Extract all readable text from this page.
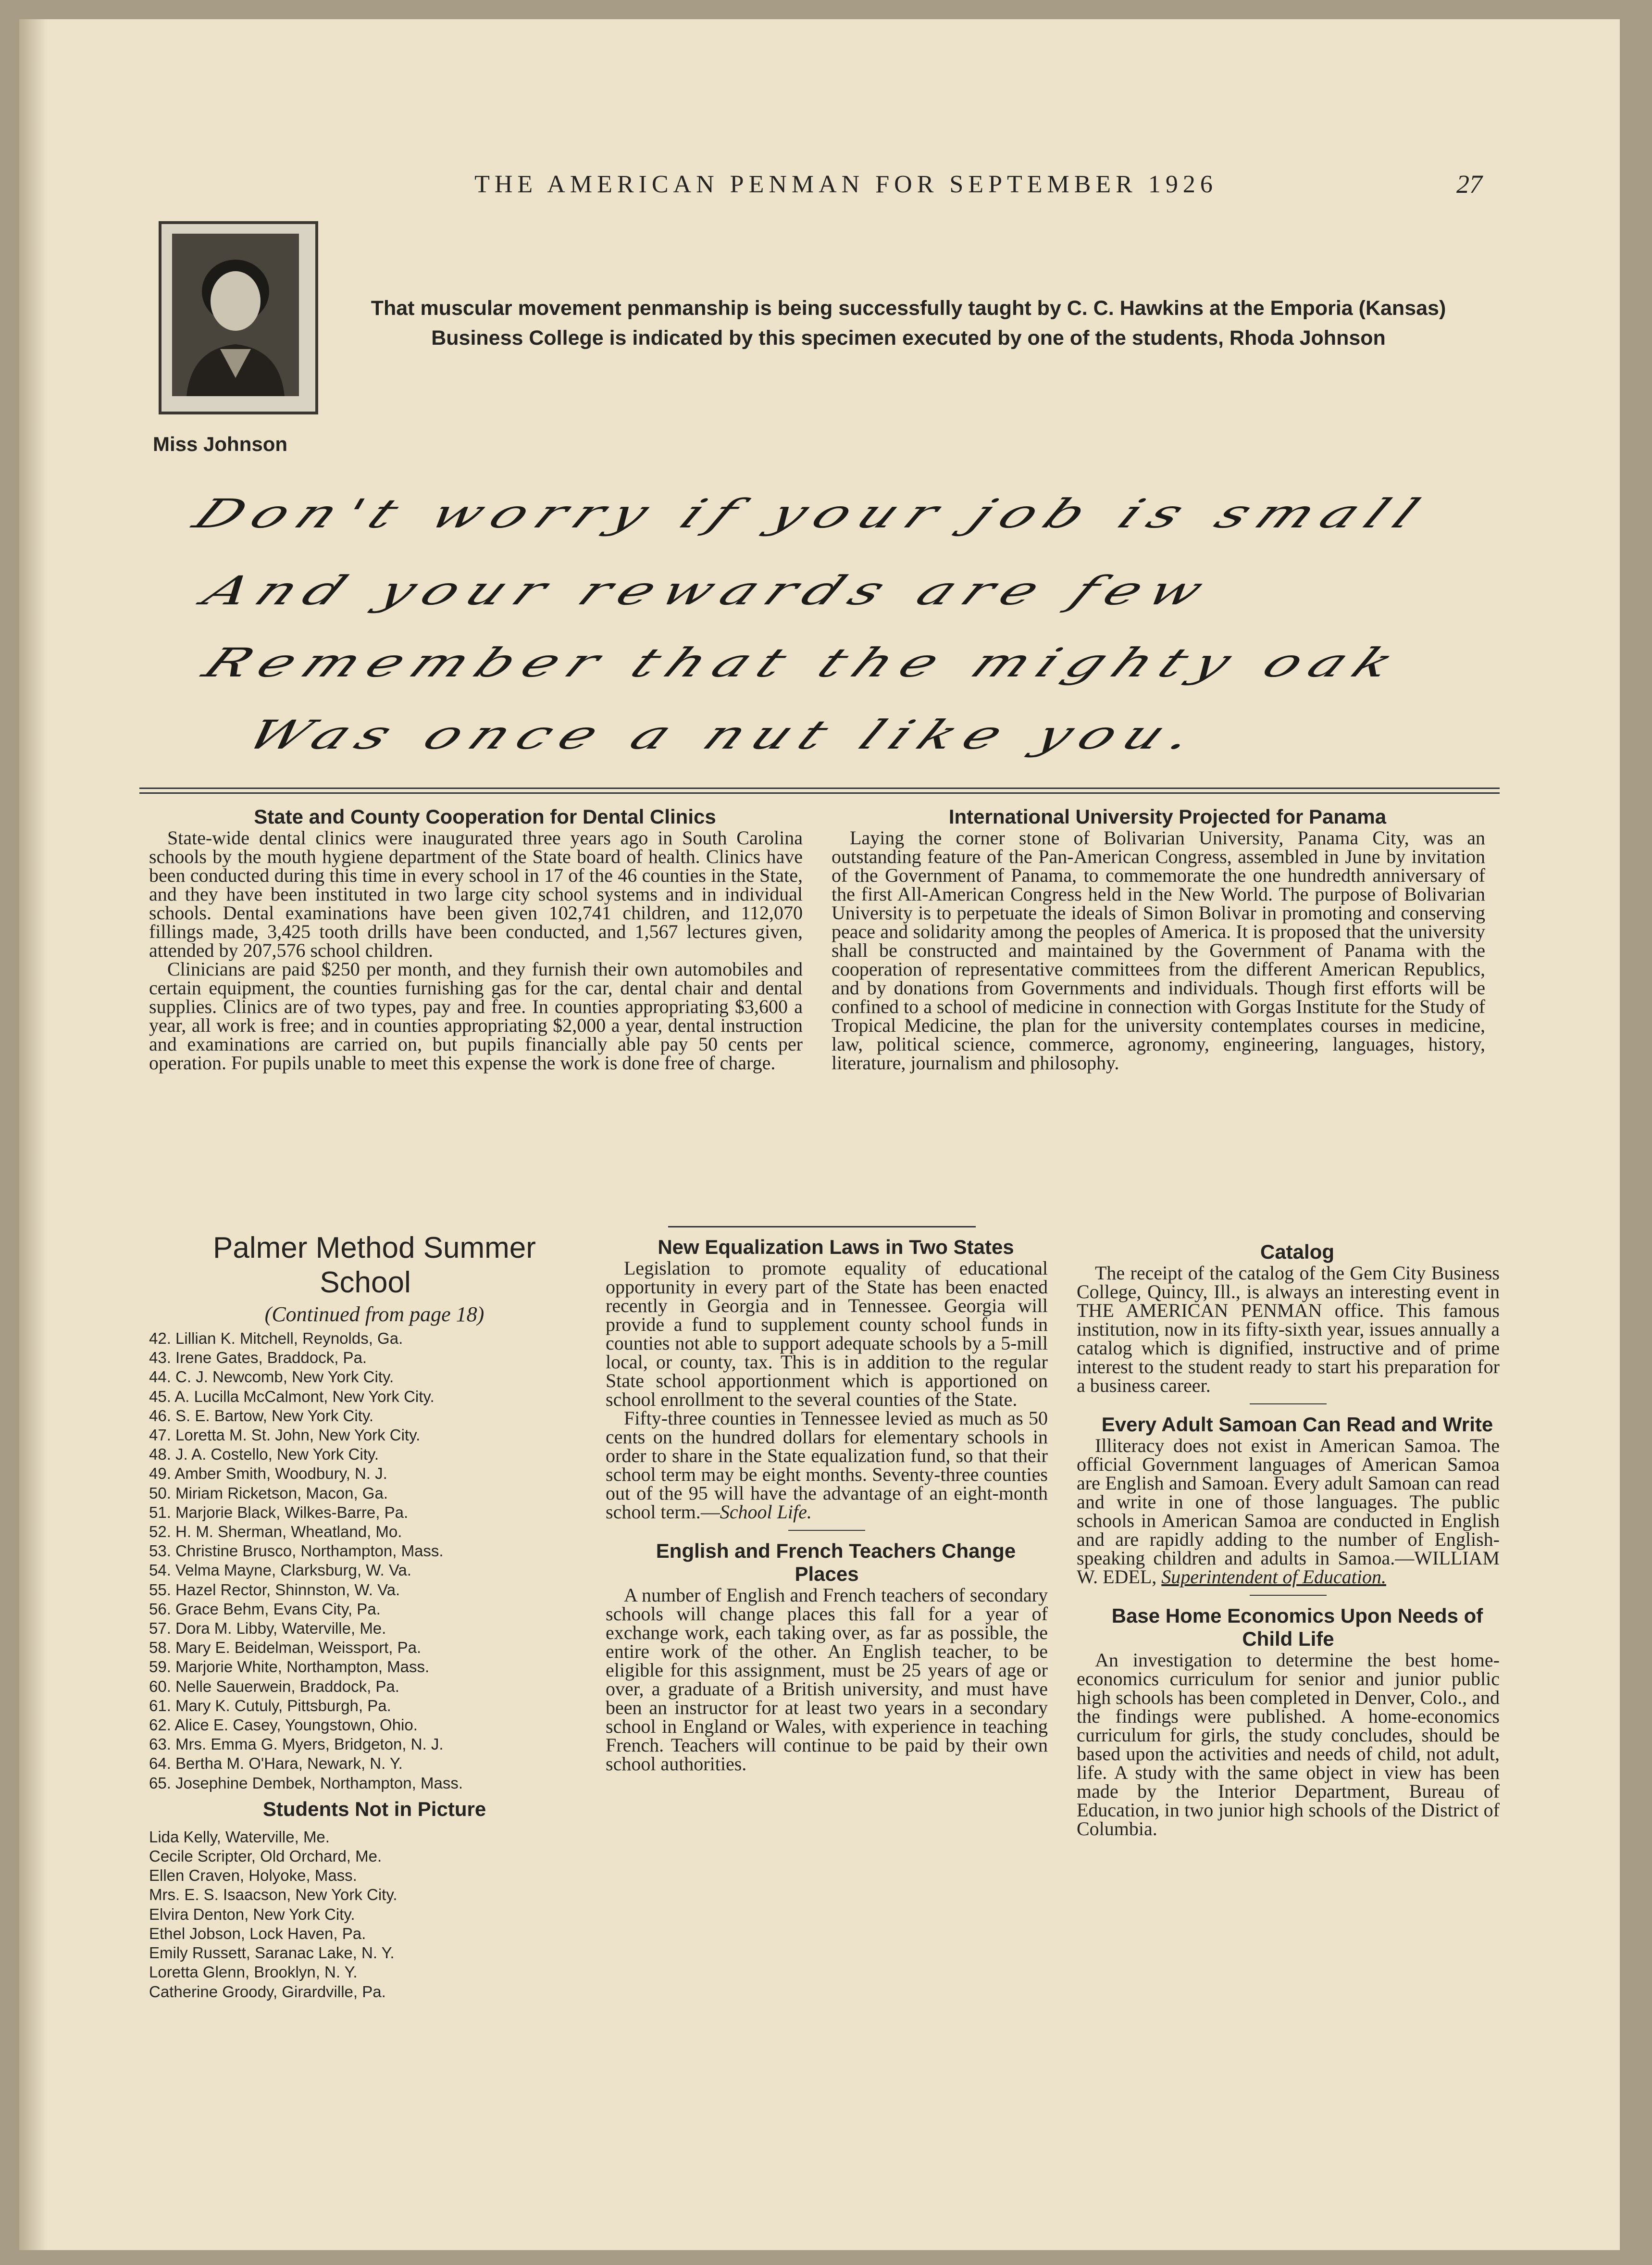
THE AMERICAN PENMAN FOR SEPTEMBER 1926	27
Miss Johnson
That muscular movement penmanship is being successfully taught by C. C. Hawkins at the Emporia (Kansas) Business College is indicated by this specimen executed by one of the students, Rhoda Johnson
Don't worry if your job is small
And your rewards are few
Remember that the mighty oak
Was once a nut like you.

State and County Cooperation for Dental Clinics

State-wide dental clinics were inaugurated three years ago in South Carolina schools by the mouth hygiene department of the State board of health. Clinics have been conducted during this time in every school in 17 of the 46 counties in the State, and they have been instituted in two large city school systems and in individual schools. Dental examinations have been given 102,741 children, and 112,070 fillings made, 3,425 tooth drills have been conducted, and 1,567 lectures given, attended by 207,576 school children.

Clinicians are paid $250 per month, and they furnish their own automobiles and certain equipment, the counties furnishing gas for the car, dental chair and dental supplies. Clinics are of two types, pay and free. In counties appropriating $3,600 a year, all work is free; and in counties appropriating $2,000 a year, dental instruction and examinations are carried on, but pupils financially able pay 50 cents per operation. For pupils unable to meet this expense the work is done free of charge.

International University Projected for Panama

Laying the corner stone of Bolivarian University, Panama City, was an outstanding feature of the Pan-American Congress, assembled in June by invitation of the Government of Panama, to commemorate the one hundredth anniversary of the first All-American Congress held in the New World. The purpose of Bolivarian University is to perpetuate the ideals of Simon Bolivar in promoting and conserving peace and solidarity among the peoples of America. It is proposed that the university shall be constructed and maintained by the Government of Panama with the cooperation of representative committees from the different American Republics, and by donations from Governments and individuals. Though first efforts will be confined to a school of medicine in connection with Gorgas Institute for the Study of Tropical Medicine, the plan for the university contemplates courses in medicine, law, political science, commerce, agronomy, engineering, languages, history, literature, journalism and philosophy.

Palmer Method Summer School

(Continued from page 18)

42. Lillian K. Mitchell, Reynolds, Ga.
43. Irene Gates, Braddock, Pa.
44. C. J. Newcomb, New York City.
45. A. Lucilla McCalmont, New York City.
46. S. E. Bartow, New York City.
47. Loretta M. St. John, New York City.
48. J. A. Costello, New York City.
49. Amber Smith, Woodbury, N. J.
50. Miriam Ricketson, Macon, Ga.
51. Marjorie Black, Wilkes-Barre, Pa.
52. H. M. Sherman, Wheatland, Mo.
53. Christine Brusco, Northampton, Mass.
54. Velma Mayne, Clarksburg, W. Va.
55. Hazel Rector, Shinnston, W. Va.
56. Grace Behm, Evans City, Pa.
57. Dora M. Libby, Waterville, Me.
58. Mary E. Beidelman, Weissport, Pa.
59. Marjorie White, Northampton, Mass.
60. Nelle Sauerwein, Braddock, Pa.
61. Mary K. Cutuly, Pittsburgh, Pa.
62. Alice E. Casey, Youngstown, Ohio.
63. Mrs. Emma G. Myers, Bridgeton, N. J.
64. Bertha M. O'Hara, Newark, N. Y.
65. Josephine Dembek, Northampton, Mass.

Students Not in Picture

Lida Kelly, Waterville, Me.
Cecile Scripter, Old Orchard, Me.
Ellen Craven, Holyoke, Mass.
Mrs. E. S. Isaacson, New York City.
Elvira Denton, New York City.
Ethel Jobson, Lock Haven, Pa.
Emily Russett, Saranac Lake, N. Y.
Loretta Glenn, Brooklyn, N. Y.
Catherine Groody, Girardville, Pa.

New Equalization Laws in Two States

Legislation to promote equality of educational opportunity in every part of the State has been enacted recently in Georgia and in Tennessee. Georgia will provide a fund to supplement county school funds in counties not able to support adequate schools by a 5-mill local, or county, tax. This is in addition to the regular State school apportionment which is apportioned on school enrollment to the several counties of the State.

Fifty-three counties in Tennessee levied as much as 50 cents on the hundred dollars for elementary schools in order to share in the State equalization fund, so that their school term may be eight months. Seventy-three counties out of the 95 will have the advantage of an eight-month school term.—School Life.

English and French Teachers Change Places

A number of English and French teachers of secondary schools will change places this fall for a year of exchange work, each taking over, as far as possible, the entire work of the other. An English teacher, to be eligible for this assignment, must be 25 years of age or over, a graduate of a British university, and must have been an instructor for at least two years in a secondary school in England or Wales, with experience in teaching French. Teachers will continue to be paid by their own school authorities.

Catalog

The receipt of the catalog of the Gem City Business College, Quincy, Ill., is always an interesting event in THE AMERICAN PENMAN office. This famous institution, now in its fifty-sixth year, issues annually a catalog which is dignified, instructive and of prime interest to the student ready to start his preparation for a business career.

Every Adult Samoan Can Read and Write

Illiteracy does not exist in American Samoa. The official Government languages of American Samoa are English and Samoan. Every adult Samoan can read and write in one of those languages. The public schools in American Samoa are conducted in English and are rapidly adding to the number of English-speaking children and adults in Samoa.—WILLIAM W. EDEL, Superintendent of Education.

Base Home Economics Upon Needs of Child Life

An investigation to determine the best home-economics curriculum for senior and junior public high schools has been completed in Denver, Colo., and the findings were published. A home-economics curriculum for girls, the study concludes, should be based upon the activities and needs of child, not adult, life. A study with the same object in view has been made by the Interior Department, Bureau of Education, in two junior high schools of the District of Columbia.
